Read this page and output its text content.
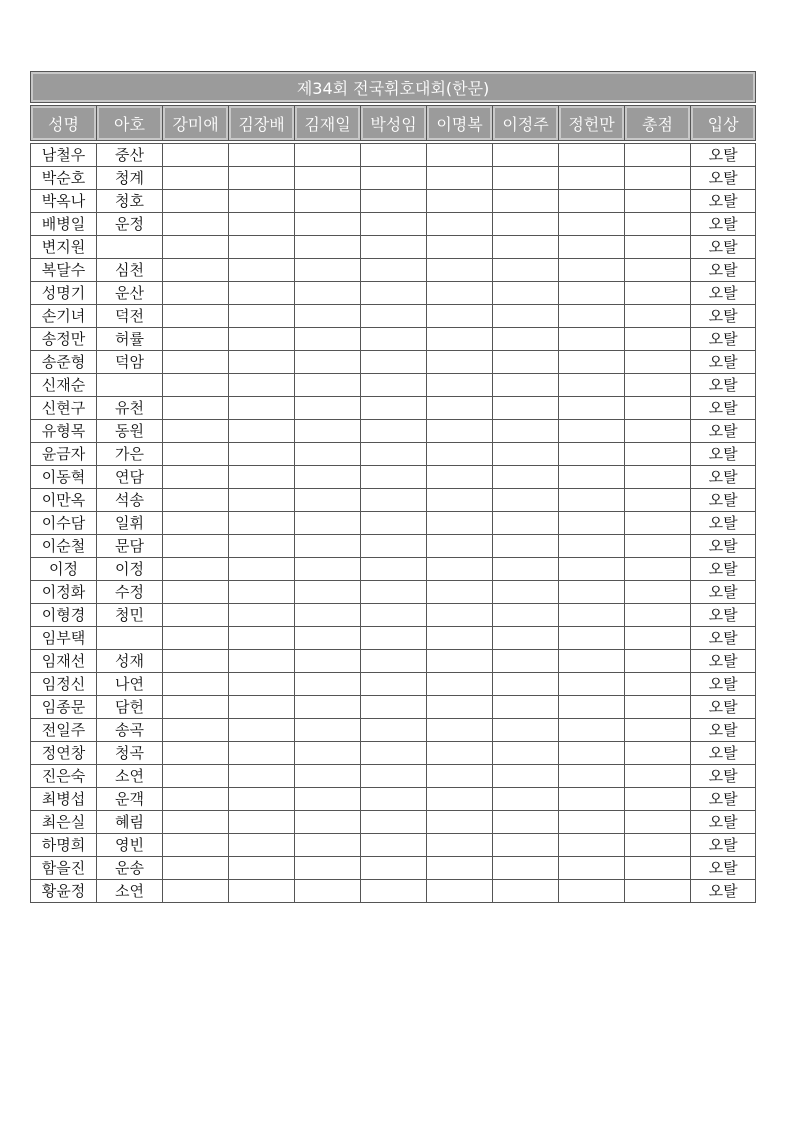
제34회 전국휘호대회(한문)										

성명	아호	강미애	김장배	김재일	박성임	이명복	이정주	정헌만	총점	입상

남철우	중산									오탈
박순호	청계									오탈
박옥나	청호									오탈
배병일	운정									오탈
변지원										오탈
복달수	심천									오탈
성명기	운산									오탈
손기녀	덕전									오탈
송정만	허률									오탈
송준형	덕암									오탈
신재순										오탈
신현구	유천									오탈
유형목	동원									오탈
윤금자	가은									오탈
이동혁	연담									오탈
이만옥	석송									오탈
이수담	일휘									오탈
이순철	문담									오탈
이정	이정									오탈
이정화	수정									오탈
이형경	청민									오탈
임부택										오탈
임재선	성재									오탈
임정신	나연									오탈
임종문	담헌									오탈
전일주	송곡									오탈
정연창	청곡									오탈
진은숙	소연									오탈
최병섭	운객									오탈
최은실	혜림									오탈
하명희	영빈									오탈
함을진	운송									오탈
황윤정	소연									오탈
